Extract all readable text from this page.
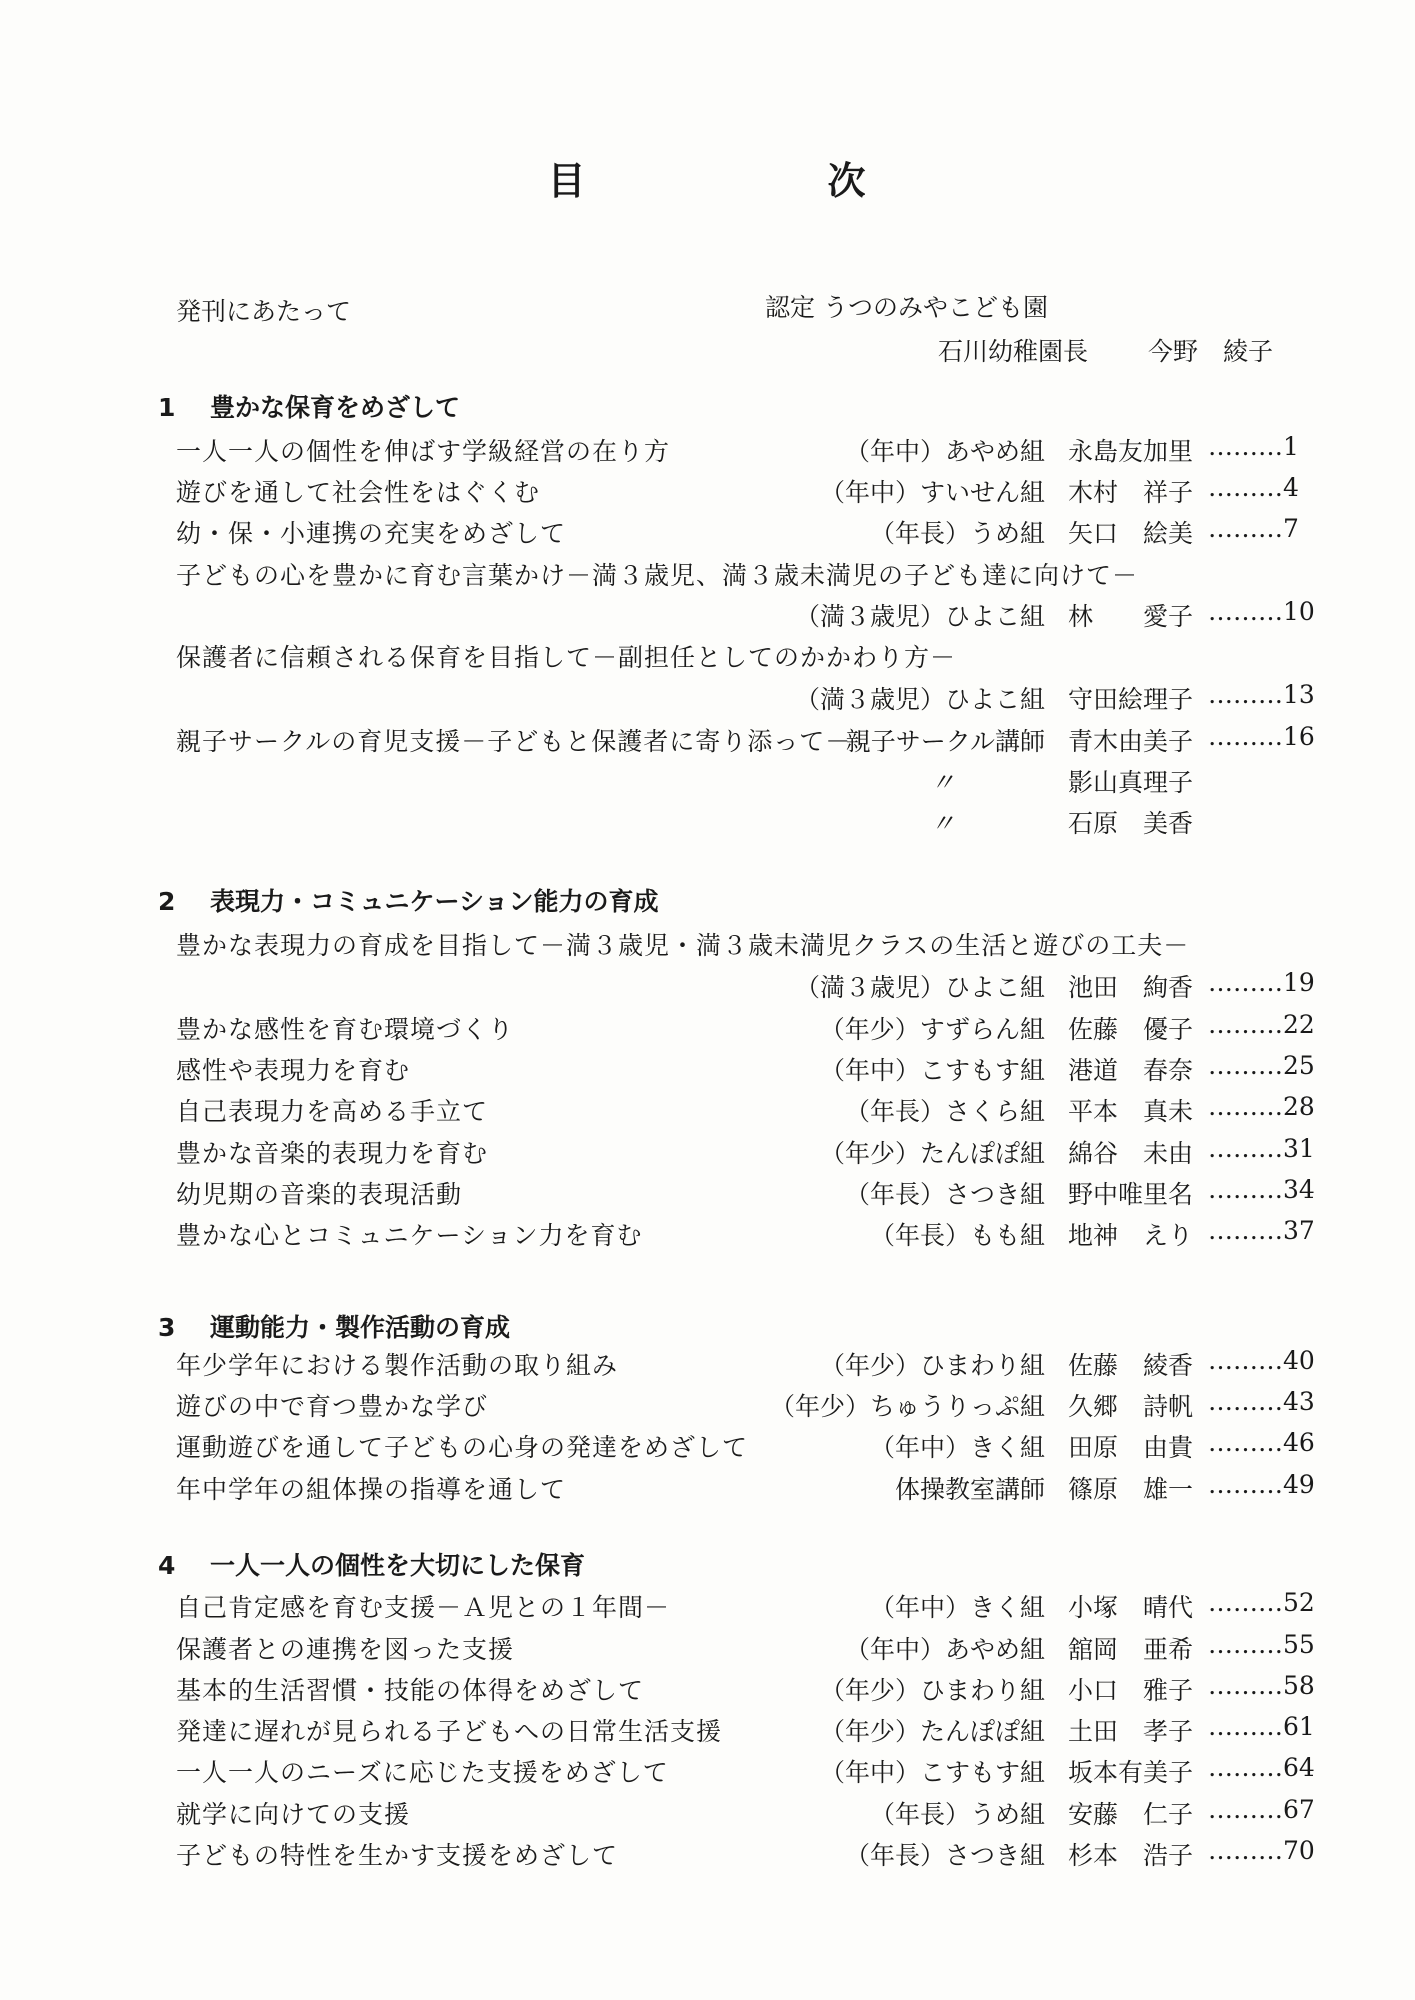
目	次
発刊にあたって	認定 うつのみやこども園
石川幼稚園長 今野　綾子
1 豊かな保育をめざして
一人一人の個性を伸ばす学級経営の在り方	（年中）あやめ組 永島友加里 ………1
遊びを通して社会性をはぐくむ	（年中）すいせん組 木村　祥子 ………4
幼・保・小連携の充実をめざして	（年長）うめ組 矢口　絵美 ………7
子どもの心を豊かに育む言葉かけ－満３歳児、満３歳未満児の子ども達に向けて－
（満３歳児）ひよこ組 林　　愛子 ………10
保護者に信頼される保育を目指して－副担任としてのかかわり方－
（満３歳児）ひよこ組 守田絵理子 ………13
親子サークルの育児支援－子どもと保護者に寄り添って－
親子サークル講師 青木由美子 ………16
〃	影山真理子
〃	石原　美香
2 表現力・コミュニケーション能力の育成
豊かな表現力の育成を目指して－満３歳児・満３歳未満児クラスの生活と遊びの工夫－
（満３歳児）ひよこ組 池田　絢香 ………19
豊かな感性を育む環境づくり	（年少）すずらん組 佐藤　優子 ………22
感性や表現力を育む	（年中）こすもす組 港道　春奈 ………25
自己表現力を高める手立て	（年長）さくら組 平本　真未 ………28
豊かな音楽的表現力を育む	（年少）たんぽぽ組 綿谷　未由 ………31
幼児期の音楽的表現活動	（年長）さつき組 野中唯里名 ………34
豊かな心とコミュニケーション力を育む	（年長）もも組 地神　えり ………37
3 運動能力・製作活動の育成
年少学年における製作活動の取り組み	（年少）ひまわり組 佐藤　綾香 ………40
遊びの中で育つ豊かな学び	（年少）ちゅうりっぷ組 久郷　詩帆 ………43
運動遊びを通して子どもの心身の発達をめざして	（年中）きく組 田原　由貴 ………46
年中学年の組体操の指導を通して	体操教室講師 篠原　雄一 ………49
4 一人一人の個性を大切にした保育
自己肯定感を育む支援－Ａ児との１年間－	（年中）きく組 小塚　晴代 ………52
保護者との連携を図った支援	（年中）あやめ組 舘岡　亜希 ………55
基本的生活習慣・技能の体得をめざして	（年少）ひまわり組 小口　雅子 ………58
発達に遅れが見られる子どもへの日常生活支援	（年少）たんぽぽ組 土田　孝子 ………61
一人一人のニーズに応じた支援をめざして	（年中）こすもす組 坂本有美子 ………64
就学に向けての支援	（年長）うめ組 安藤　仁子 ………67
子どもの特性を生かす支援をめざして	（年長）さつき組 杉本　浩子 ………70
